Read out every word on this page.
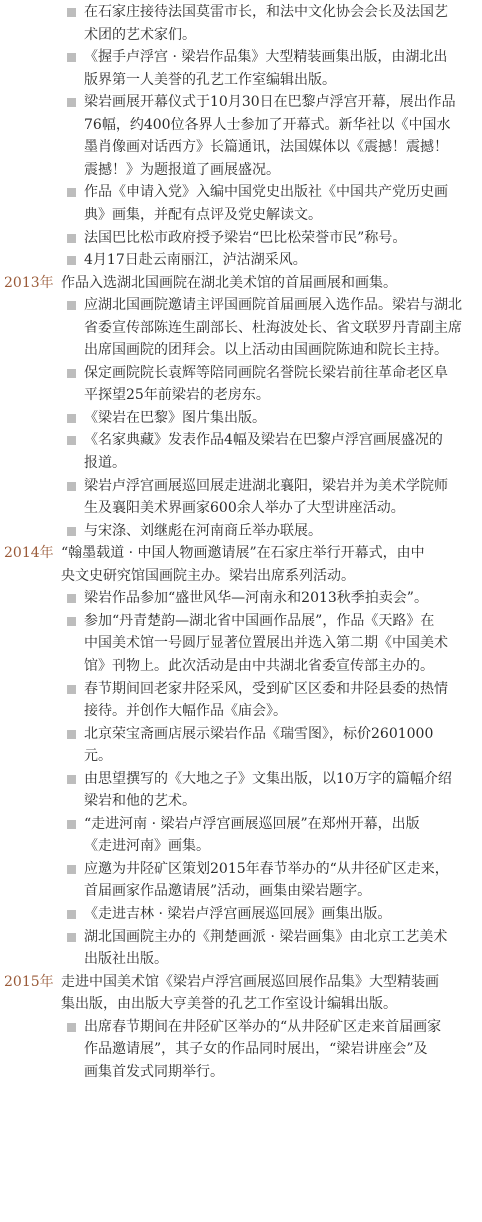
在石家庄接待法国莫雷市长，和法中文化协会会长及法国艺
术团的艺术家们。
《握手卢浮宫 · 梁岩作品集》大型精装画集出版，由湖北出
版界第一人美誉的孔艺工作室编辑出版。
梁岩画展开幕仪式于10月30日在巴黎卢浮宫开幕，展出作品
76幅，约400位各界人士参加了开幕式。新华社以《中国水
墨肖像画对话西方》长篇通讯，法国媒体以《震撼！震撼！
震撼！》为题报道了画展盛况。
作品《申请入党》入编中国党史出版社《中国共产党历史画
典》画集，并配有点评及党史解读文。
法国巴比松市政府授予梁岩“巴比松荣誉市民”称号。
4月17日赴云南丽江，泸沽湖采风。
2013年 作品入选湖北国画院在湖北美术馆的首届画展和画集。
应湖北国画院邀请主评国画院首届画展入选作品。梁岩与湖北
省委宣传部陈连生副部长、杜海波处长、省文联罗丹青副主席
出席国画院的团拜会。以上活动由国画院陈迪和院长主持。
保定画院院长袁辉等陪同画院名誉院长梁岩前往革命老区阜
平探望25年前梁岩的老房东。
《梁岩在巴黎》图片集出版。
《名家典藏》发表作品4幅及梁岩在巴黎卢浮宫画展盛况的
报道。
梁岩卢浮宫画展巡回展走进湖北襄阳，梁岩并为美术学院师
生及襄阳美术界画家600余人举办了大型讲座活动。
与宋涤、刘继彪在河南商丘举办联展。
2014年 “翰墨载道 · 中国人物画邀请展”在石家庄举行开幕式，由中
央文史研究馆国画院主办。梁岩出席系列活动。
梁岩作品参加“盛世风华—河南永和2013秋季拍卖会”。
参加“丹青楚韵—湖北省中国画作品展”，作品《天路》在
中国美术馆一号圆厅显著位置展出并选入第二期《中国美术
馆》刊物上。此次活动是由中共湖北省委宣传部主办的。
春节期间回老家井陉采风，受到矿区区委和井陉县委的热情
接待。并创作大幅作品《庙会》。
北京荣宝斋画店展示梁岩作品《瑞雪图》，标价2601000
元。
由思望撰写的《大地之子》文集出版，以10万字的篇幅介绍
梁岩和他的艺术。
“走进河南 · 梁岩卢浮宫画展巡回展”在郑州开幕，出版
《走进河南》画集。
应邀为井陉矿区策划2015年春节举办的“从井径矿区走来，
首届画家作品邀请展”活动，画集由梁岩题字。
《走进吉林 · 梁岩卢浮宫画展巡回展》画集出版。
湖北国画院主办的《荆楚画派 · 梁岩画集》由北京工艺美术
出版社出版。
2015年 走进中国美术馆《梁岩卢浮宫画展巡回展作品集》大型精装画
集出版，由出版大亨美誉的孔艺工作室设计编辑出版。
出席春节期间在井陉矿区举办的“从井陉矿区走来首届画家
作品邀请展”，其子女的作品同时展出，“梁岩讲座会”及
画集首发式同期举行。
